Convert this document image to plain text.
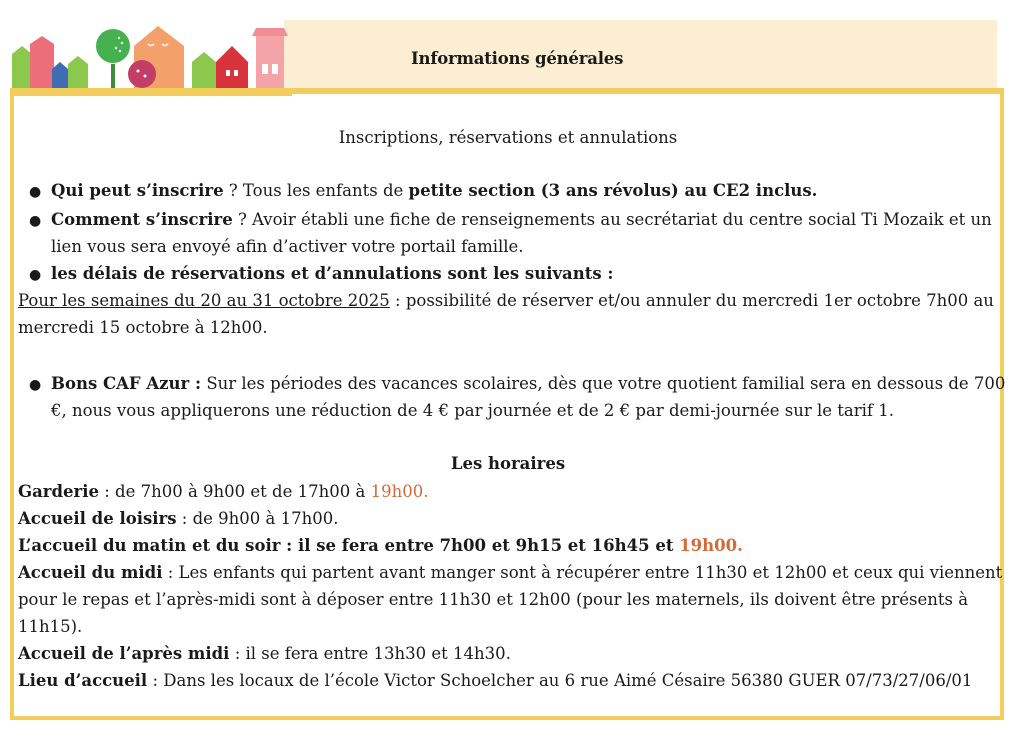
Informations générales
Inscriptions, réservations et annulations
● Qui peut s’inscrire ? Tous les enfants de petite section (3 ans révolus) au CE2 inclus.
● Comment s’inscrire ? Avoir établi une fiche de renseignements au secrétariat du centre social Ti Mozaik et un
lien vous sera envoyé afin d’activer votre portail famille.
● les délais de réservations et d’annulations sont les suivants :
Pour les semaines du 20 au 31 octobre 2025 : possibilité de réserver et/ou annuler du mercredi 1er octobre 7h00 au
mercredi 15 octobre à 12h00.
● Bons CAF Azur : Sur les périodes des vacances scolaires, dès que votre quotient familial sera en dessous de 700
€, nous vous appliquerons une réduction de 4 € par journée et de 2 € par demi-journée sur le tarif 1.
Les horaires
Garderie : de 7h00 à 9h00 et de 17h00 à 19h00.
Accueil de loisirs : de 9h00 à 17h00.
L’accueil du matin et du soir : il se fera entre 7h00 et 9h15 et 16h45 et 19h00.
Accueil du midi : Les enfants qui partent avant manger sont à récupérer entre 11h30 et 12h00 et ceux qui viennent
pour le repas et l’après-midi sont à déposer entre 11h30 et 12h00 (pour les maternels, ils doivent être présents à
11h15).
Accueil de l’après midi : il se fera entre 13h30 et 14h30.
Lieu d’accueil : Dans les locaux de l’école Victor Schoelcher au 6 rue Aimé Césaire 56380 GUER 07/73/27/06/01
